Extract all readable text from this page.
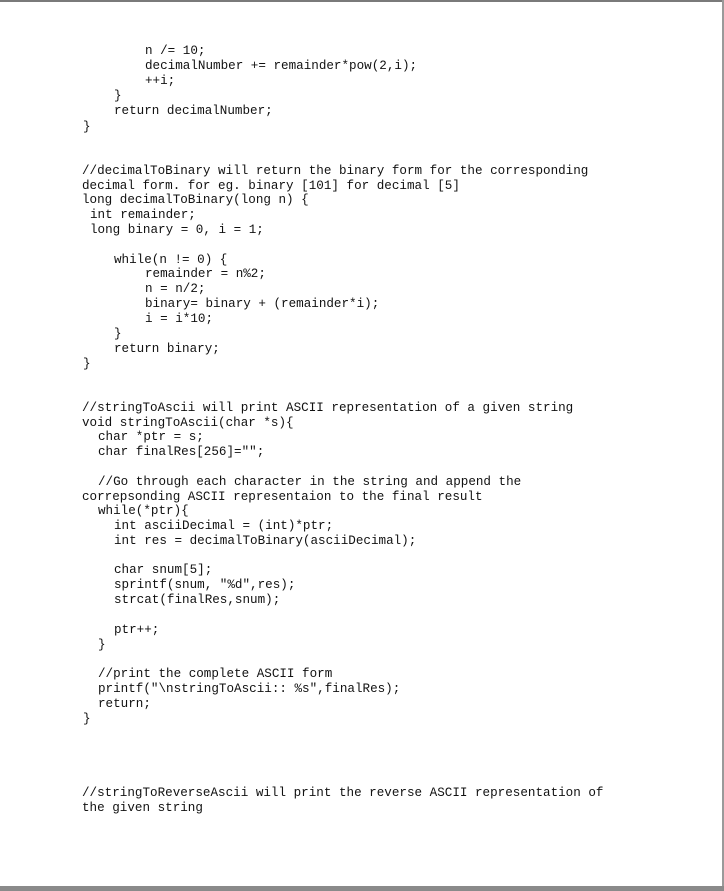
n /= 10;
decimalNumber += remainder*pow(2,i);
++i;
}
return decimalNumber;
}
//decimalToBinary will return the binary form for the corresponding
decimal form. for eg. binary [101] for decimal [5]
long decimalToBinary(long n) {
int remainder;
long binary = 0, i = 1;
while(n != 0) {
remainder = n%2;
n = n/2;
binary= binary + (remainder*i);
i = i*10;
}
return binary;
}
//stringToAscii will print ASCII representation of a given string
void stringToAscii(char *s){
char *ptr = s;
char finalRes[256]="";
//Go through each character in the string and append the
correpsonding ASCII representaion to the final result
while(*ptr){
int asciiDecimal = (int)*ptr;
int res = decimalToBinary(asciiDecimal);
char snum[5];
sprintf(snum, "%d",res);
strcat(finalRes,snum);
ptr++;
}
//print the complete ASCII form
printf("\nstringToAscii:: %s",finalRes);
return;
}
//stringToReverseAscii will print the reverse ASCII representation of
the given string
